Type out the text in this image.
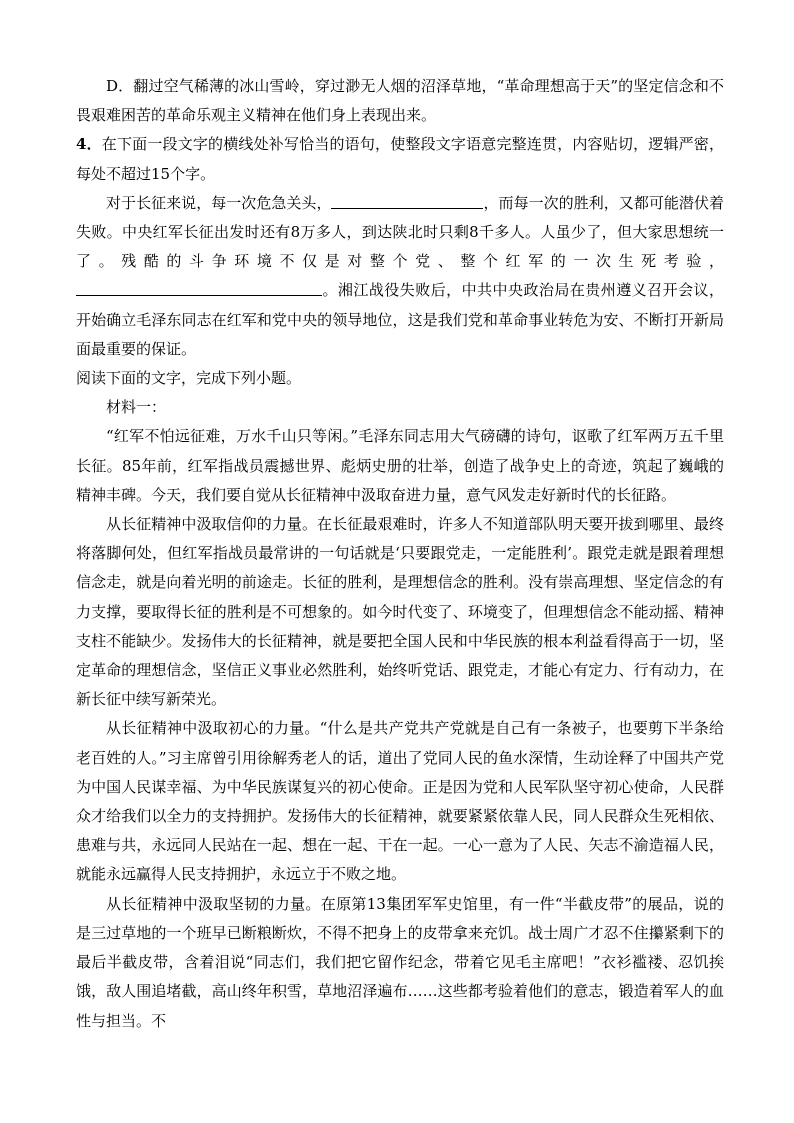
D．翻过空气稀薄的冰山雪岭，穿过渺无人烟的沼泽草地，“革命理想高于天”的坚定信念和不畏艰难困苦的革命乐观主义精神在他们身上表现出来。

4．在下面一段文字的横线处补写恰当的语句，使整段文字语意完整连贯，内容贴切，逻辑严密，每处不超过15个字。

对于长征来说，每一次危急关头，	，而每一次的胜利，又都可能潜伏着失败。中央红军长征出发时还有8万多人，到达陕北时只剩8千多人。人虽少了，但大家思想统一了。残酷的斗争环境不仅是对整个党、整个红军的一次生死考验，。湘江战役失败后，中共中央政治局在贵州遵义召开会议，开始确立毛泽东同志在红军和党中央的领导地位，这是我们党和革命事业转危为安、不断打开新局面最重要的保证。

阅读下面的文字，完成下列小题。

材料一：

“红军不怕远征难，万水千山只等闲。”毛泽东同志用大气磅礴的诗句，讴歌了红军两万五千里长征。85年前，红军指战员震撼世界、彪炳史册的壮举，创造了战争史上的奇迹，筑起了巍峨的精神丰碑。今天，我们要自觉从长征精神中汲取奋进力量，意气风发走好新时代的长征路。

从长征精神中汲取信仰的力量。在长征最艰难时，许多人不知道部队明天要开拔到哪里、最终将落脚何处，但红军指战员最常讲的一句话就是‘只要跟党走，一定能胜利’。跟党走就是跟着理想信念走，就是向着光明的前途走。长征的胜利，是理想信念的胜利。没有崇高理想、坚定信念的有力支撑，要取得长征的胜利是不可想象的。如今时代变了、环境变了，但理想信念不能动摇、精神支柱不能缺少。发扬伟大的长征精神，就是要把全国人民和中华民族的根本利益看得高于一切，坚定革命的理想信念，坚信正义事业必然胜利，始终听党话、跟党走，才能心有定力、行有动力，在新长征中续写新荣光。

从长征精神中汲取初心的力量。“什么是共产党共产党就是自己有一条被子，也要剪下半条给老百姓的人。”习主席曾引用徐解秀老人的话，道出了党同人民的鱼水深情，生动诠释了中国共产党为中国人民谋幸福、为中华民族谋复兴的初心使命。正是因为党和人民军队坚守初心使命，人民群众才给我们以全力的支持拥护。发扬伟大的长征精神，就要紧紧依靠人民，同人民群众生死相依、患难与共，永远同人民站在一起、想在一起、干在一起。一心一意为了人民、矢志不渝造福人民，就能永远赢得人民支持拥护，永远立于不败之地。

从长征精神中汲取坚韧的力量。在原第13集团军军史馆里，有一件“半截皮带”的展品，说的是三过草地的一个班早已断粮断炊，不得不把身上的皮带拿来充饥。战士周广才忍不住攥紧剩下的最后半截皮带，含着泪说“同志们，我们把它留作纪念，带着它见毛主席吧！”衣衫褴褛、忍饥挨饿，敌人围追堵截，高山终年积雪，草地沼泽遍布……这些都考验着他们的意志，锻造着军人的血性与担当。不
